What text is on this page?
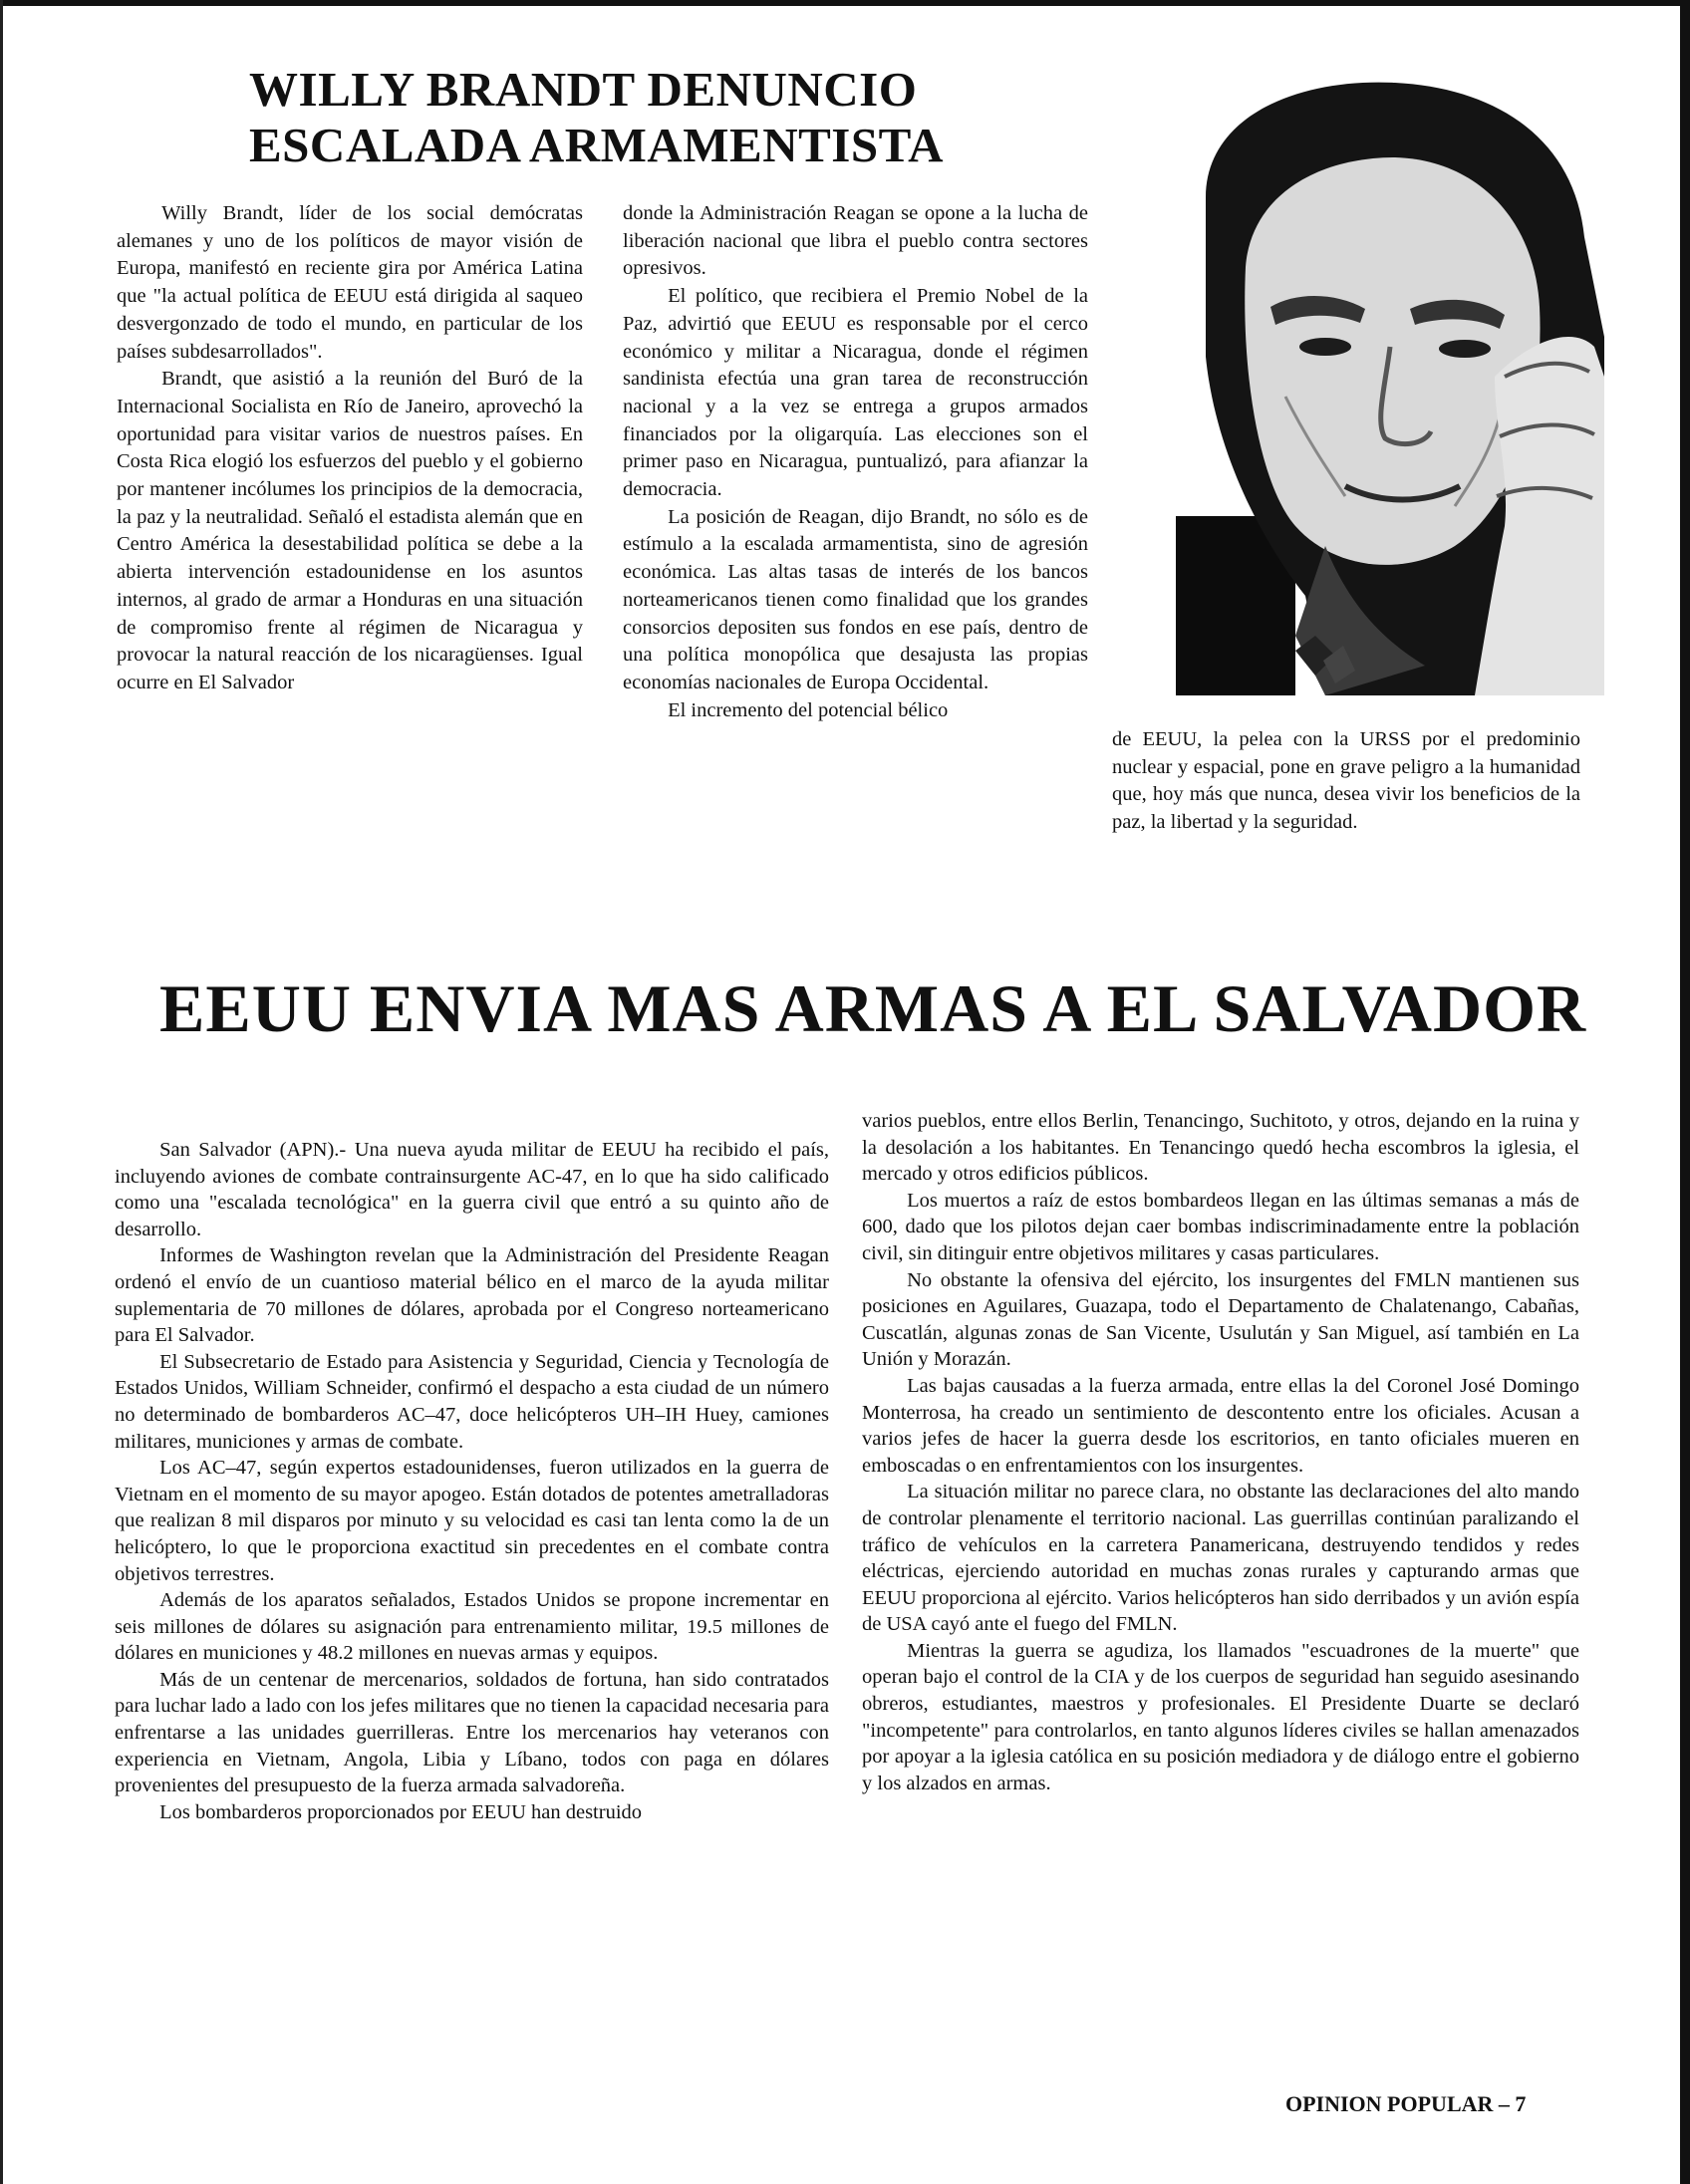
WILLY BRANDT DENUNCIO
ESCALADA ARMAMENTISTA

Willy Brandt, líder de los social demócratas alemanes y uno de los políticos de mayor visión de Europa, manifestó en reciente gira por América Latina que "la actual política de EEUU está dirigida al saqueo desvergonzado de todo el mundo, en particular de los países subdesarrollados".

Brandt, que asistió a la reunión del Buró de la Internacional Socialista en Río de Janeiro, aprovechó la oportunidad para visitar varios de nuestros países. En Costa Rica elogió los esfuerzos del pueblo y el gobierno por mantener incólumes los principios de la democracia, la paz y la neutralidad. Señaló el estadista alemán que en Centro América la desestabilidad política se debe a la abierta intervención estadounidense en los asuntos internos, al grado de armar a Honduras en una situación de compromiso frente al régimen de Nicaragua y provocar la natural reacción de los nicaragüenses. Igual ocurre en El Salvador

donde la Administración Reagan se opone a la lucha de liberación nacional que libra el pueblo contra sectores opresivos.

El político, que recibiera el Premio Nobel de la Paz, advirtió que EEUU es responsable por el cerco económico y militar a Nicaragua, donde el régimen sandinista efectúa una gran tarea de reconstrucción nacional y a la vez se entrega a grupos armados financiados por la oligarquía. Las elecciones son el primer paso en Nicaragua, puntualizó, para afianzar la democracia.

La posición de Reagan, dijo Brandt, no sólo es de estímulo a la escalada armamentista, sino de agresión económica. Las altas tasas de interés de los bancos norteamericanos tienen como finalidad que los grandes consorcios depositen sus fondos en ese país, dentro de una política monopólica que desajusta las propias economías nacionales de Europa Occidental.

El incremento del potencial bélico

de EEUU, la pelea con la URSS por el predominio nuclear y espacial, pone en grave peligro a la humanidad que, hoy más que nunca, desea vivir los beneficios de la paz, la libertad y la seguridad.

EEUU ENVIA MAS ARMAS A EL SALVADOR

San Salvador (APN).- Una nueva ayuda militar de EEUU ha recibido el país, incluyendo aviones de combate contrainsurgente AC-47, en lo que ha sido calificado como una "escalada tecnológica" en la guerra civil que entró a su quinto año de desarrollo.

Informes de Washington revelan que la Administración del Presidente Reagan ordenó el envío de un cuantioso material bélico en el marco de la ayuda militar suplementaria de 70 millones de dólares, aprobada por el Congreso norteamericano para El Salvador.

El Subsecretario de Estado para Asistencia y Seguridad, Ciencia y Tecnología de Estados Unidos, William Schneider, confirmó el despacho a esta ciudad de un número no determinado de bombarderos AC–47, doce helicópteros UH–IH Huey, camiones militares, municiones y armas de combate.

Los AC–47, según expertos estadounidenses, fueron utilizados en la guerra de Vietnam en el momento de su mayor apogeo. Están dotados de potentes ametralladoras que realizan 8 mil disparos por minuto y su velocidad es casi tan lenta como la de un helicóptero, lo que le proporciona exactitud sin precedentes en el combate contra objetivos terrestres.

Además de los aparatos señalados, Estados Unidos se propone incrementar en seis millones de dólares su asignación para entrenamiento militar, 19.5 millones de dólares en municiones y 48.2 millones en nuevas armas y equipos.

Más de un centenar de mercenarios, soldados de fortuna, han sido contratados para luchar lado a lado con los jefes militares que no tienen la capacidad necesaria para enfrentarse a las unidades guerrilleras. Entre los mercenarios hay veteranos con experiencia en Vietnam, Angola, Libia y Líbano, todos con paga en dólares provenientes del presupuesto de la fuerza armada salvadoreña.

Los bombarderos proporcionados por EEUU han destruido

varios pueblos, entre ellos Berlin, Tenancingo, Suchitoto, y otros, dejando en la ruina y la desolación a los habitantes. En Tenancingo quedó hecha escombros la iglesia, el mercado y otros edificios públicos.

Los muertos a raíz de estos bombardeos llegan en las últimas semanas a más de 600, dado que los pilotos dejan caer bombas indiscriminadamente entre la población civil, sin ditinguir entre objetivos militares y casas particulares.

No obstante la ofensiva del ejército, los insurgentes del FMLN mantienen sus posiciones en Aguilares, Guazapa, todo el Departamento de Chalatenango, Cabañas, Cuscatlán, algunas zonas de San Vicente, Usulután y San Miguel, así también en La Unión y Morazán.

Las bajas causadas a la fuerza armada, entre ellas la del Coronel José Domingo Monterrosa, ha creado un sentimiento de descontento entre los oficiales. Acusan a varios jefes de hacer la guerra desde los escritorios, en tanto oficiales mueren en emboscadas o en enfrentamientos con los insurgentes.

La situación militar no parece clara, no obstante las declaraciones del alto mando de controlar plenamente el territorio nacional. Las guerrillas continúan paralizando el tráfico de vehículos en la carretera Panamericana, destruyendo tendidos y redes eléctricas, ejerciendo autoridad en muchas zonas rurales y capturando armas que EEUU proporciona al ejército. Varios helicópteros han sido derribados y un avión espía de USA cayó ante el fuego del FMLN.

Mientras la guerra se agudiza, los llamados "escuadrones de la muerte" que operan bajo el control de la CIA y de los cuerpos de seguridad han seguido asesinando obreros, estudiantes, maestros y profesionales. El Presidente Duarte se declaró "incompetente" para controlarlos, en tanto algunos líderes civiles se hallan amenazados por apoyar a la iglesia católica en su posición mediadora y de diálogo entre el gobierno y los alzados en armas.

OPINION POPULAR – 7
